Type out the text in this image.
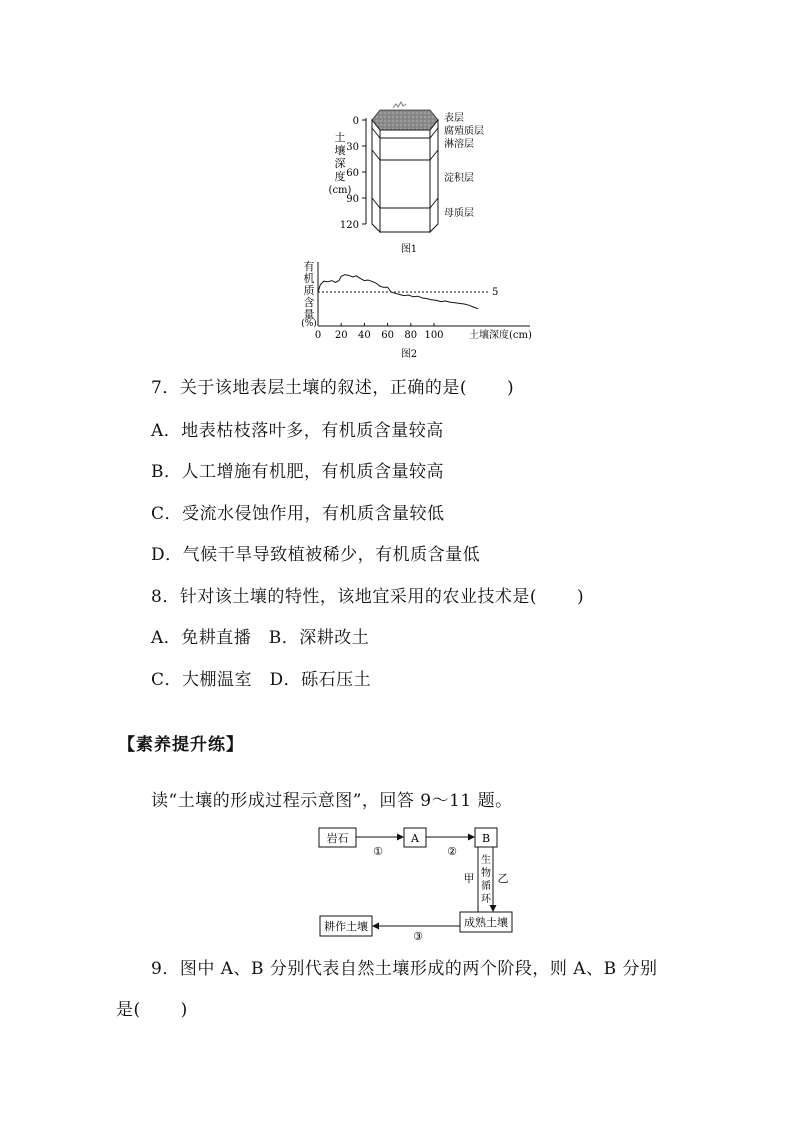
土
壤
深
度
(cm)
0
30
60
90
120
表层
腐殖质层
淋溶层
淀积层
母质层
图1
有
机
质
含
量
(%)
5
0 20 40 60 80 100	土壤深度(cm)
图2
7．关于该地表层土壤的叙述，正确的是( )
A．地表枯枝落叶多，有机质含量较高
B．人工增施有机肥，有机质含量较高
C．受流水侵蚀作用，有机质含量较低
D．气候干旱导致植被稀少，有机质含量低
8．针对该土壤的特性，该地宜采用的农业技术是( )
A．免耕直播　B．深耕改土
C．大棚温室　D．砾石压土
【素养提升练】
读“土壤的形成过程示意图”，回答 9～11 题。
岩石	A	B
成熟土壤
耕作土壤
①	②
生
物
循
环
甲 乙
③
9．图中 A、B 分别代表自然土壤形成的两个阶段，则 A、B 分别
是( )
